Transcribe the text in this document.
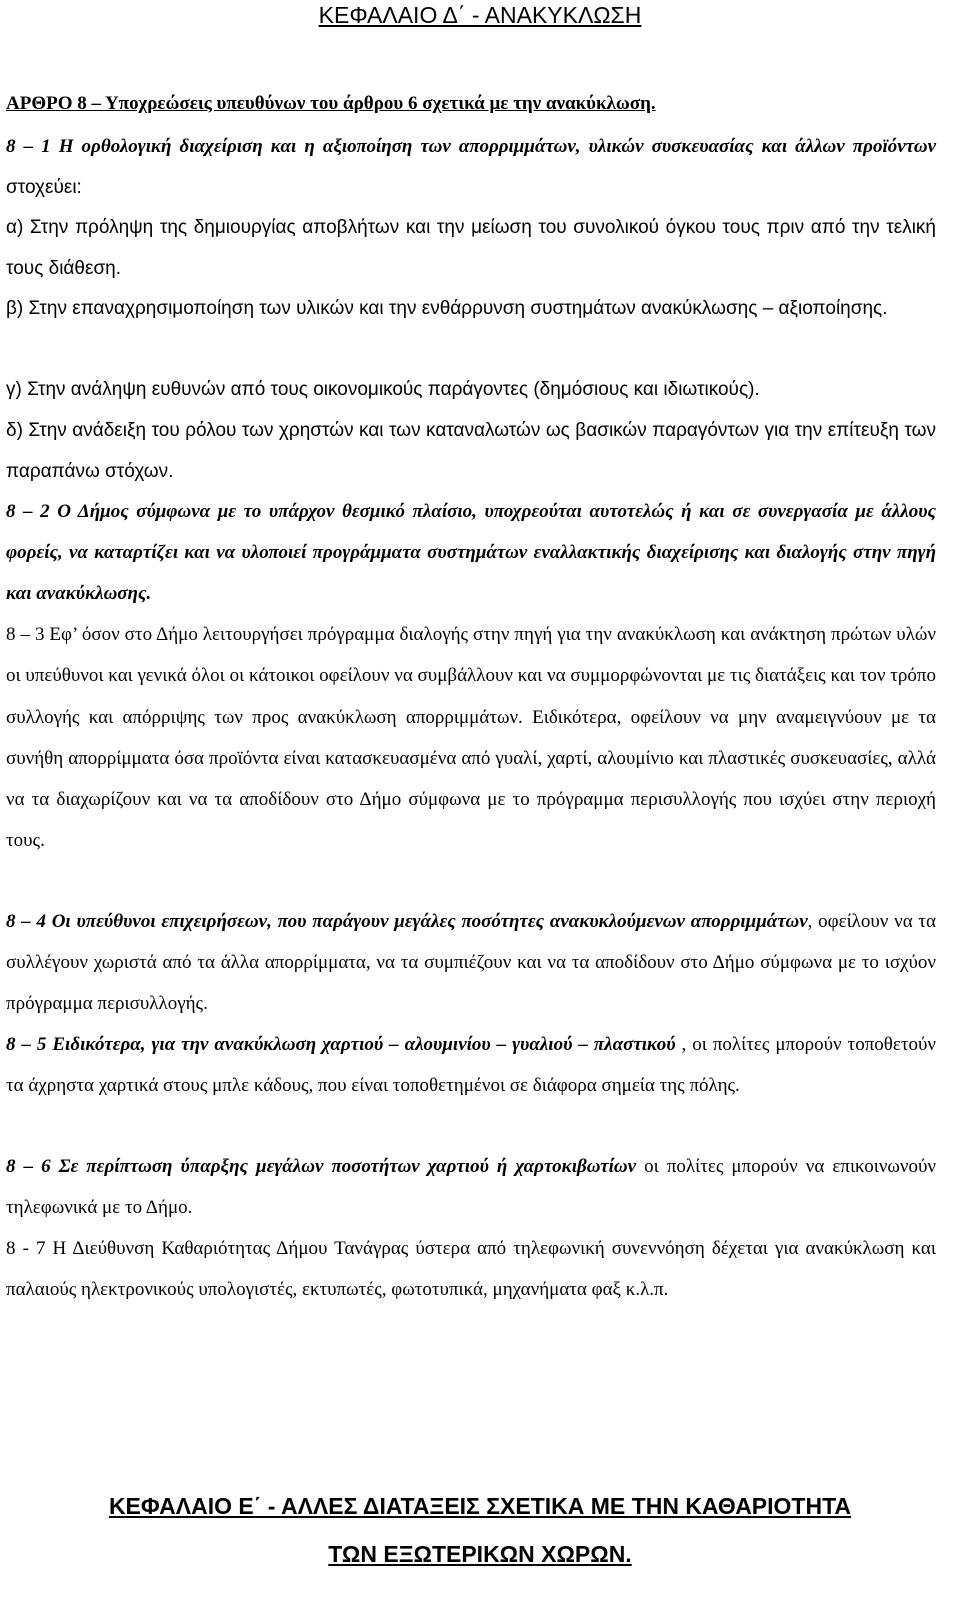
ΚΕΦΑΛΑΙΟ Δ΄ - ΑΝΑΚΥΚΛΩΣΗ
ΑΡΘΡΟ 8 – Υποχρεώσεις υπευθύνων του άρθρου 6 σχετικά με την ανακύκλωση.
8 – 1 Η ορθολογική διαχείριση και η αξιοποίηση των απορριμμάτων, υλικών συσκευασίας και άλλων προϊόντων στοχεύει:
α) Στην πρόληψη της δημιουργίας αποβλήτων και την μείωση του συνολικού όγκου τους πριν από την τελική τους διάθεση.
β) Στην επαναχρησιμοποίηση των υλικών και την ενθάρρυνση συστημάτων ανακύκλωσης – αξιοποίησης.
γ) Στην ανάληψη ευθυνών από τους οικονομικούς παράγοντες (δημόσιους και ιδιωτικούς).
δ) Στην ανάδειξη του ρόλου των χρηστών και των καταναλωτών ως βασικών παραγόντων για την επίτευξη των παραπάνω στόχων.
8 – 2 Ο Δήμος σύμφωνα με το υπάρχον θεσμικό πλαίσιο, υποχρεούται αυτοτελώς ή και σε συνεργασία με άλλους φορείς, να καταρτίζει και να υλοποιεί προγράμματα συστημάτων εναλλακτικής διαχείρισης και διαλογής στην πηγή και ανακύκλωσης.
8 – 3 Εφ’ όσον στο Δήμο λειτουργήσει πρόγραμμα διαλογής στην πηγή για την ανακύκλωση και ανάκτηση πρώτων υλών οι υπεύθυνοι και γενικά όλοι οι κάτοικοι οφείλουν να συμβάλλουν και να συμμορφώνονται με τις διατάξεις και τον τρόπο συλλογής και απόρριψης των προς ανακύκλωση απορριμμάτων. Ειδικότερα, οφείλουν να μην αναμειγνύουν με τα συνήθη απορρίμματα όσα προϊόντα είναι κατασκευασμένα από γυαλί, χαρτί, αλουμίνιο και πλαστικές συσκευασίες, αλλά να τα διαχωρίζουν και να τα αποδίδουν στο Δήμο σύμφωνα με το πρόγραμμα περισυλλογής που ισχύει στην περιοχή τους.
8 – 4 Οι υπεύθυνοι επιχειρήσεων, που παράγουν μεγάλες ποσότητες ανακυκλούμενων απορριμμάτων, οφείλουν να τα συλλέγουν χωριστά από τα άλλα απορρίμματα, να τα συμπιέζουν και να τα αποδίδουν στο Δήμο σύμφωνα με το ισχύον πρόγραμμα περισυλλογής.
8 – 5 Ειδικότερα, για την ανακύκλωση χαρτιού – αλουμινίου – γυαλιού – πλαστικού , οι πολίτες μπορούν τοποθετούν τα άχρηστα χαρτικά στους μπλε κάδους, που είναι τοποθετημένοι σε διάφορα σημεία της πόλης.
8 – 6 Σε περίπτωση ύπαρξης μεγάλων ποσοτήτων χαρτιού ή χαρτοκιβωτίων οι πολίτες μπορούν να επικοινωνούν τηλεφωνικά με το Δήμο.
8 - 7 Η Διεύθυνση Καθαριότητας Δήμου Τανάγρας ύστερα από τηλεφωνική συνεννόηση δέχεται για ανακύκλωση και παλαιούς ηλεκτρονικούς υπολογιστές, εκτυπωτές, φωτοτυπικά, μηχανήματα φαξ κ.λ.π.
ΚΕΦΑΛΑΙΟ Ε΄ - ΑΛΛΕΣ ΔΙΑΤΑΞΕΙΣ ΣΧΕΤΙΚΑ ΜΕ ΤΗΝ ΚΑΘΑΡΙΟΤΗΤΑ
ΤΩΝ ΕΞΩΤΕΡΙΚΩΝ ΧΩΡΩΝ.
